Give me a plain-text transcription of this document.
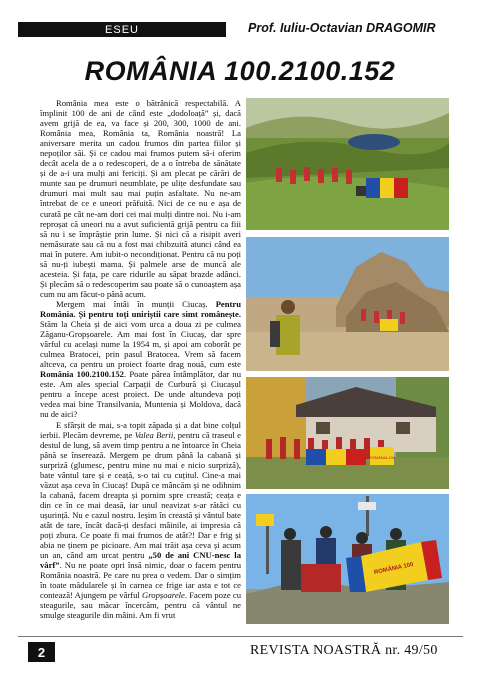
ESEU	Prof. Iuliu-Octavian DRAGOMIR
ROMÂNIA 100.2100.152

România mea este o bătrânică respectabilă. A împlinit 100 de ani de când este „dodoloață” și, dacă avem grijă de ea, va face și 200, 300, 1000 de ani. România mea, România ta, România noastră! La aniversare merita un cadou frumos din partea fiilor și nepoților săi. Și ce cadou mai frumos putem să-i oferim decât acela de a o redescoperi, de a o întreba de sănătate și de a-i ura mulți ani fericiți. Și am plecat pe cărări de munte sau pe drumuri neumblate, pe ulițe desfundate sau drumuri mai mult sau mai puțin asfaltate. Nu ne-am întrebat de ce e uneori prăfuită. Nici de ce nu e așa de curată pe cât ne-am dori cei mai mulți dintre noi. Nu i-am reproșat că uneori nu a avut suficientă grijă pentru ca fiii să nu i se împrăștie prin lume. Și nici că a risipit averi nemăsurate sau că nu a fost mai chibzuită atunci când ea mai în putere. Am iubit-o necondiționat. Pentru că nu poți să nu-ți iubești mama. Și palmele arse de muncă ale acesteia. Și fața, pe care ridurile au săpat brazde adânci. Și plecăm să o redescoperim sau poate să o cunoaștem așa cum nu am făcut-o până acum.

Mergem mai întâi în munții Ciucaș. Pentru România. Și pentru toți uniriștii care simt românește. Stăm la Cheia și de aici vom urca a doua zi pe culmea Zăganu-Gropșoarele. Am mai fost în Ciucaș, dar spre vârful cu același nume la 1954 m, și apoi am coborât pe culmea Bratocei, prin pasul Bratocea. Vrem să facem altceva, ca pentru un proiect foarte drag nouă, cum este România 100.2100.152. Poate părea întâmplător, dar nu este. Am ales special Carpații de Curbură și Ciucașul pentru a începe acest proiect. De unde altundeva poți vedea mai bine Transilvania, Muntenia și Moldova, dacă nu de aici?

E sfârșit de mai, s-a topit zăpada și a dat bine colțul ierbii. Plecăm devreme, pe Valea Berii, pentru că traseul e destul de lung, să avem timp pentru a ne întoarce în Cheia până se înserează. Mergem pe drum până la cabană și surpriză (glumesc, pentru mine nu mai e nicio surpriză), bate vântul tare și e ceață, s-o tai cu cuțitul. Cine-a mai văzut așa ceva în Ciucaș! După ce mâncăm și ne odihnim la cabană, facem dreapta și pornim spre creastă; ceața e din ce în ce mai deasă, iar unul neavizat s-ar rătăci cu ușurință. Nu e cazul nostru. Ieșim în creastă și vântul bate atât de tare, încât dacă-ți desfaci mâinile, ai impresia că poți zbura. Ce poate fi mai frumos de atât?! Dar e frig și abia ne ținem pe picioare. Am mai trăit așa ceva și acum un an, când am urcat pentru „50 de ani CNU-nesc la vârf”. Nu ne poate opri însă nimic, doar o facem pentru România noastră. Pe care nu prea o vedem. Dar o simțim în toate mădularele și în carnea ce frige iar asta e tot ce contează! Ajungem pe vârful Gropșoarele. Facem poze cu steagurile, sau măcar încercăm, pentru că vântul ne smulge steagurile din mâini. Am fi vrut

ROMÂNIA 100
ROMÂNIA 100
2	REVISTA NOASTRĂ nr. 49/50
